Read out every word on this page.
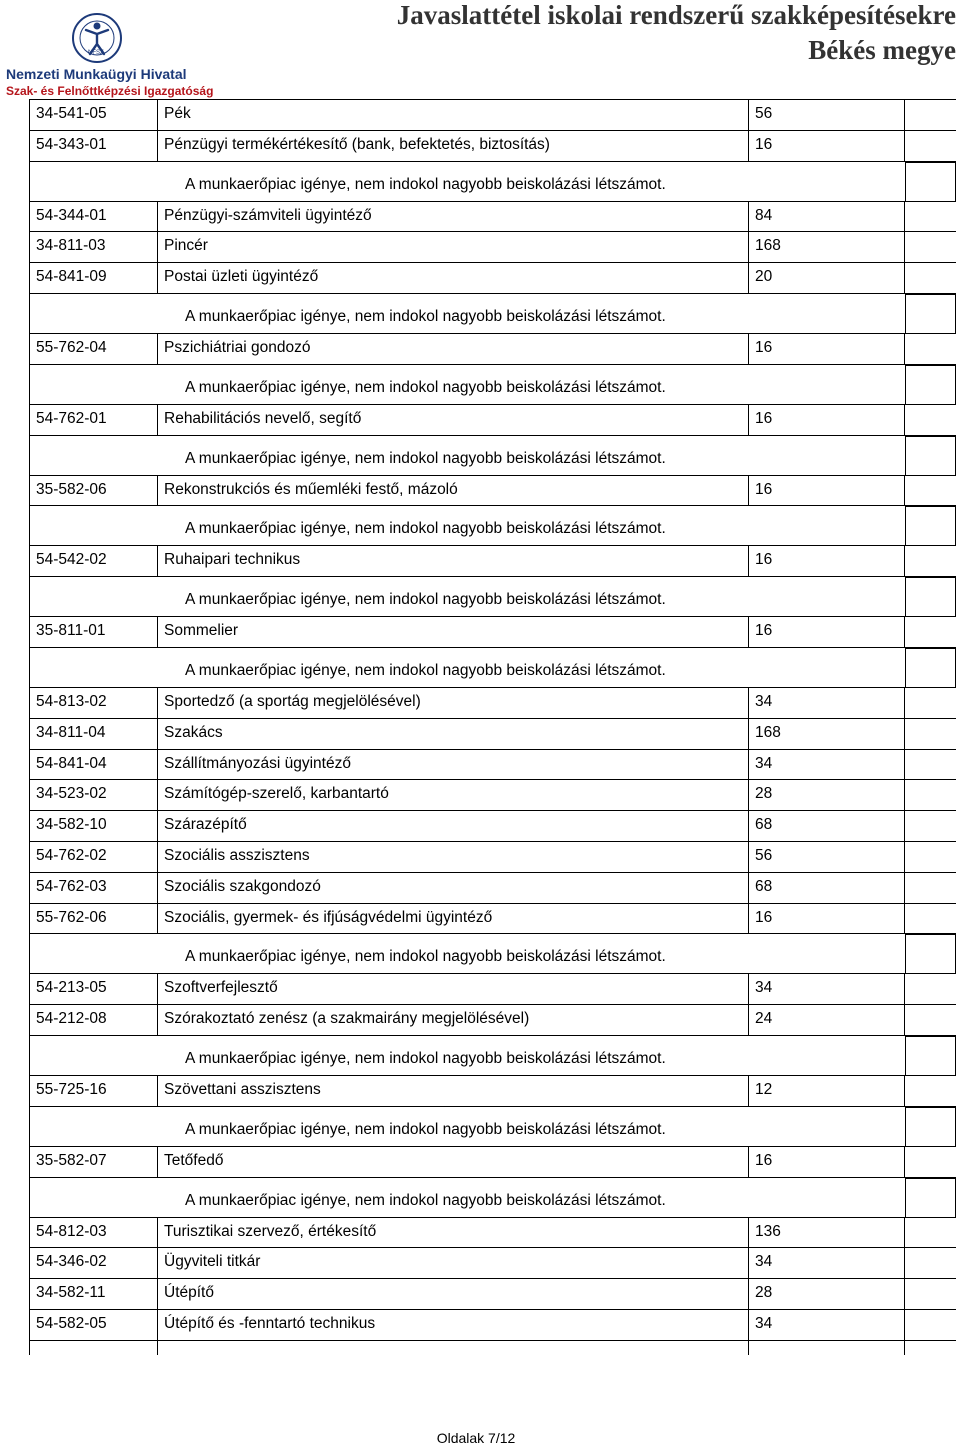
NFSZ
Nemzeti Munkaügyi Hivatal
Szak- és Felnőttképzési Igazgatóság
Javaslattétel iskolai rendszerű szakképesítésekre
Békés megye
34-541-05	Pék	56
54-343-01	Pénzügyi termékértékesítő (bank, befektetés, biztosítás)	16
A munkaerőpiac igénye, nem indokol nagyobb beiskolázási létszámot.
54-344-01	Pénzügyi-számviteli ügyintéző	84
34-811-03	Pincér	168
54-841-09	Postai üzleti ügyintéző	20
A munkaerőpiac igénye, nem indokol nagyobb beiskolázási létszámot.
55-762-04	Pszichiátriai gondozó	16
A munkaerőpiac igénye, nem indokol nagyobb beiskolázási létszámot.
54-762-01	Rehabilitációs nevelő, segítő	16
A munkaerőpiac igénye, nem indokol nagyobb beiskolázási létszámot.
35-582-06	Rekonstrukciós és műemléki festő, mázoló	16
A munkaerőpiac igénye, nem indokol nagyobb beiskolázási létszámot.
54-542-02	Ruhaipari technikus	16
A munkaerőpiac igénye, nem indokol nagyobb beiskolázási létszámot.
35-811-01	Sommelier	16
A munkaerőpiac igénye, nem indokol nagyobb beiskolázási létszámot.
54-813-02	Sportedző (a sportág megjelölésével)	34
34-811-04	Szakács	168
54-841-04	Szállítmányozási ügyintéző	34
34-523-02	Számítógép-szerelő, karbantartó	28
34-582-10	Szárazépítő	68
54-762-02	Szociális asszisztens	56
54-762-03	Szociális szakgondozó	68
55-762-06	Szociális, gyermek- és ifjúságvédelmi ügyintéző	16
A munkaerőpiac igénye, nem indokol nagyobb beiskolázási létszámot.
54-213-05	Szoftverfejlesztő	34
54-212-08	Szórakoztató zenész (a szakmairány megjelölésével)	24
A munkaerőpiac igénye, nem indokol nagyobb beiskolázási létszámot.
55-725-16	Szövettani asszisztens	12
A munkaerőpiac igénye, nem indokol nagyobb beiskolázási létszámot.
35-582-07	Tetőfedő	16
A munkaerőpiac igénye, nem indokol nagyobb beiskolázási létszámot.
54-812-03	Turisztikai szervező, értékesítő	136
54-346-02	Ügyviteli titkár	34
34-582-11	Útépítő	28
54-582-05	Útépítő és -fenntartó technikus	34
Oldalak 7/12
